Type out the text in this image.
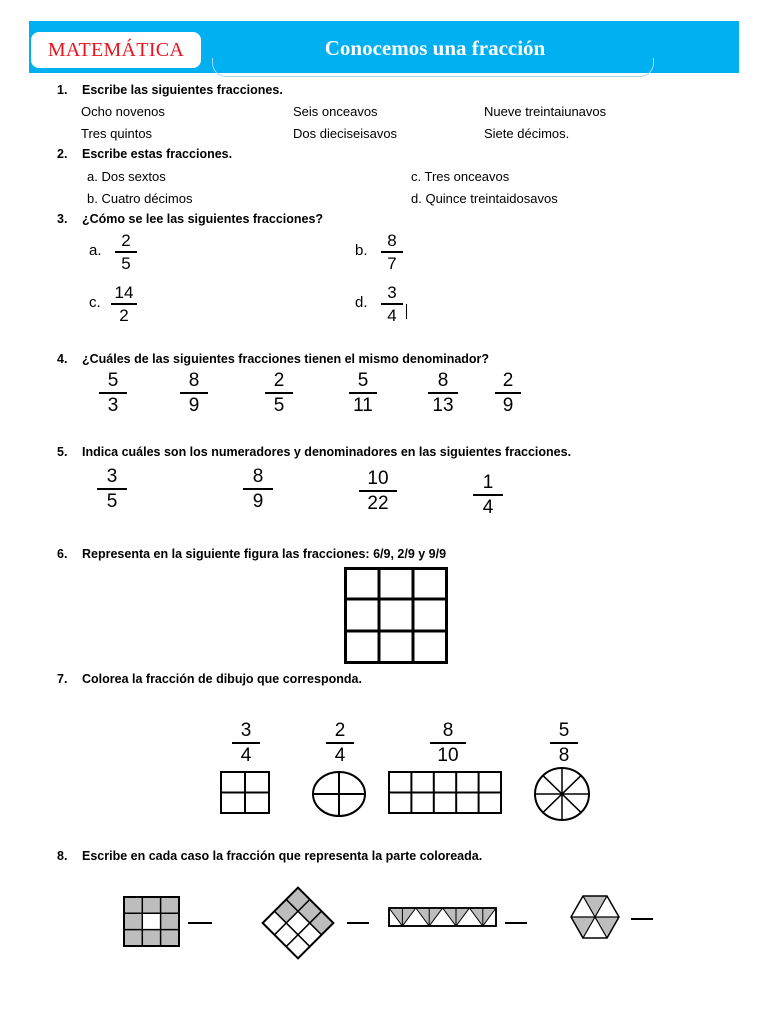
MATEMÁTICA	Conocemos una fracción
1. Escribe las siguientes fracciones.
Ocho novenos	Seis onceavos	Nueve treintaiunavos
Tres quintos	Dos dieciseisavos	Siete décimos.
2. Escribe estas fracciones.
a. Dos sextos
b. Cuatro décimos
c. Tres onceavos
d. Quince treintaidosavos
3. ¿Cómo se lee las siguientes fracciones?
a.
2
5
b.
8
7
c.
14
2
d.
3
4
4. ¿Cuáles de las siguientes fracciones tienen el mismo denominador?
5
3
8
9
2
5
5
11
8
13
2
9
5. Indica cuáles son los numeradores y denominadores en las siguientes fracciones.
3
5
8
9
10
22
1
4
6. Representa en la siguiente figura las fracciones: 6/9, 2/9 y 9/9
7. Colorea la fracción de dibujo que corresponda.
3
4
2
4
8
10
5
8
8. Escribe en cada caso la fracción que representa la parte coloreada.
